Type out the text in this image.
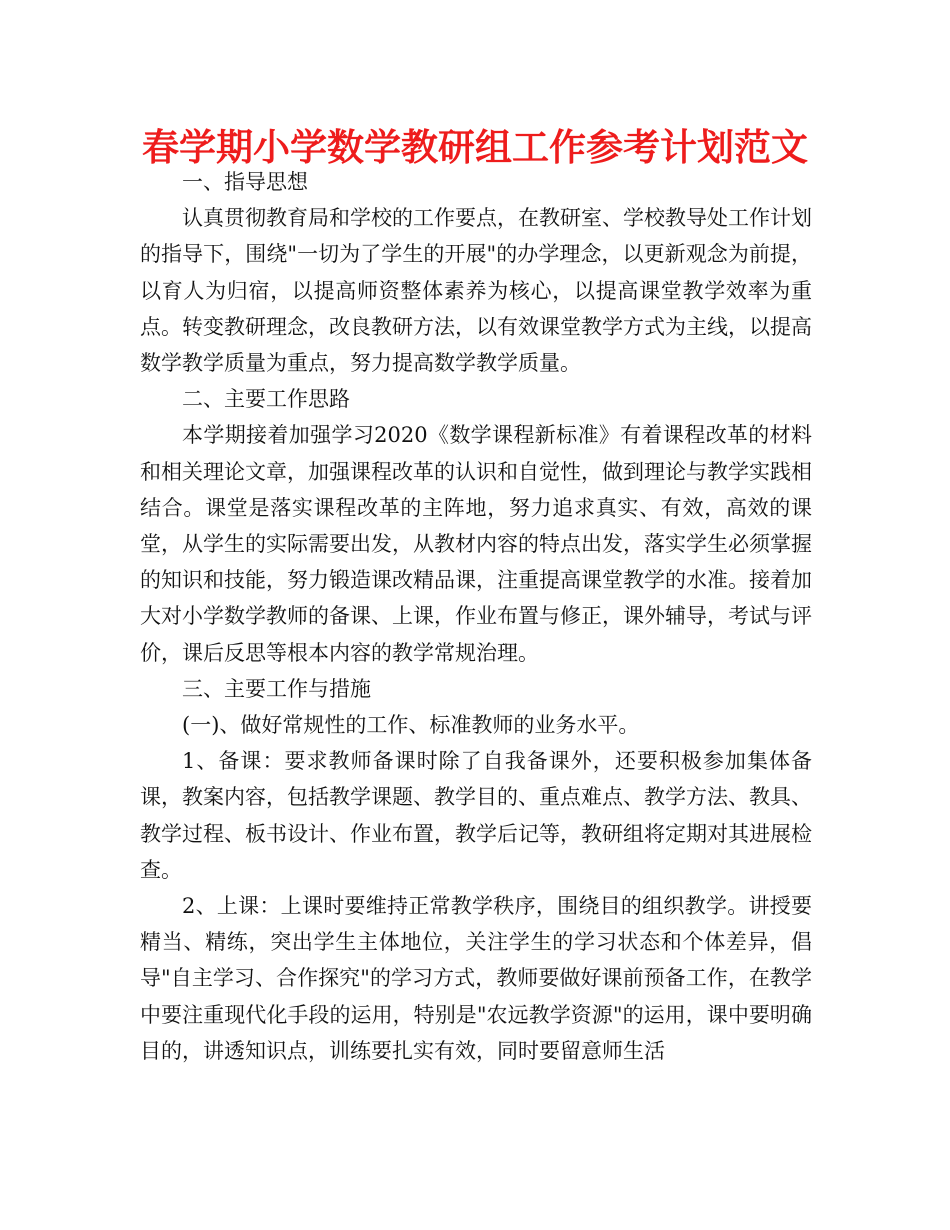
春学期小学数学教研组工作参考计划范文

一、指导思想

认真贯彻教育局和学校的工作要点，在教研室、学校教导处工作计划的指导下，围绕"一切为了学生的开展"的办学理念，以更新观念为前提，以育人为归宿，以提高师资整体素养为核心，以提高课堂教学效率为重点。转变教研理念，改良教研方法，以有效课堂教学方式为主线，以提高数学教学质量为重点，努力提高数学教学质量。

二、主要工作思路

本学期接着加强学习2020《数学课程新标准》有着课程改革的材料和相关理论文章，加强课程改革的认识和自觉性，做到理论与教学实践相结合。课堂是落实课程改革的主阵地，努力追求真实、有效，高效的课堂，从学生的实际需要出发，从教材内容的特点出发，落实学生必须掌握的知识和技能，努力锻造课改精品课，注重提高课堂教学的水准。接着加大对小学数学教师的备课、上课，作业布置与修正，课外辅导，考试与评价，课后反思等根本内容的教学常规治理。

三、主要工作与措施

(一)、做好常规性的工作、标准教师的业务水平。

1、备课：要求教师备课时除了自我备课外，还要积极参加集体备课，教案内容，包括教学课题、教学目的、重点难点、教学方法、教具、教学过程、板书设计、作业布置，教学后记等，教研组将定期对其进展检查。

2、上课：上课时要维持正常教学秩序，围绕目的组织教学。讲授要精当、精练，突出学生主体地位，关注学生的学习状态和个体差异，倡导"自主学习、合作探究"的学习方式，教师要做好课前预备工作，在教学中要注重现代化手段的运用，特别是"农远教学资源"的运用，课中要明确目的，讲透知识点，训练要扎实有效，同时要留意师生活
